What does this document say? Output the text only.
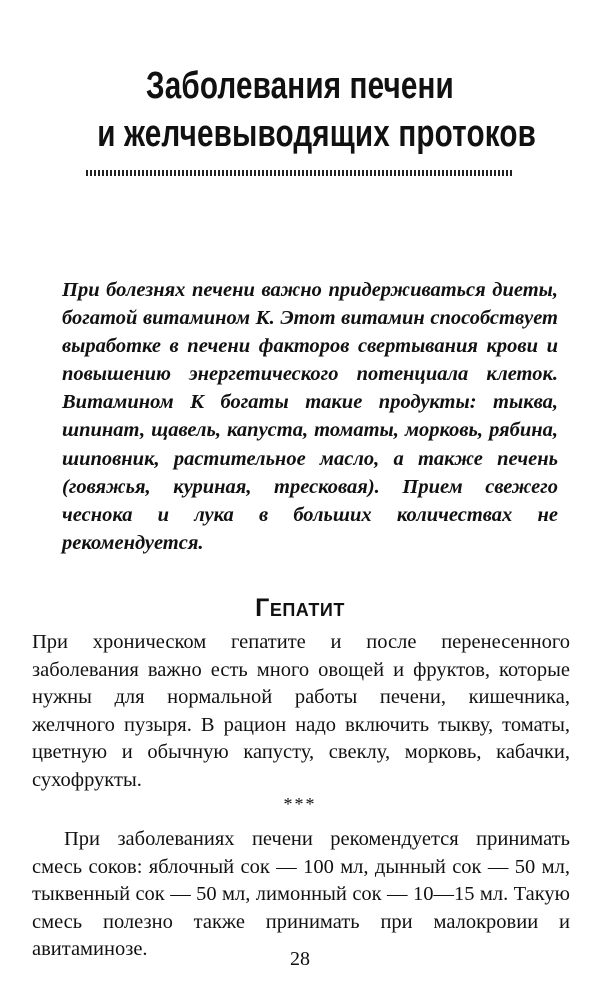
Заболевания печени
и желчевыводящих протоков

При болезнях печени важно придерживаться диеты, богатой витамином К. Этот витамин способствует выработке в печени факторов свертывания крови и повышению энергетического потенциала клеток. Витамином К богаты такие продукты: тыква, шпинат, щавель, капуста, томаты, морковь, рябина, шиповник, растительное масло, а также печень (говяжья, куриная, тресковая). Прием свежего чеснока и лука в больших количествах не рекомендуется.

Гепатит

При хроническом гепатите и после перенесенного заболевания важно есть много овощей и фруктов, которые нужны для нормальной работы печени, кишечника, желчного пузыря. В рацион надо включить тыкву, томаты, цветную и обычную капусту, свеклу, морковь, кабачки, сухофрукты.

***

При заболеваниях печени рекомендуется принимать смесь соков: яблочный сок — 100 мл, дынный сок — 50 мл, тыквенный сок — 50 мл, лимонный сок — 10—15 мл. Такую смесь полезно также принимать при малокровии и авитаминозе.	28
